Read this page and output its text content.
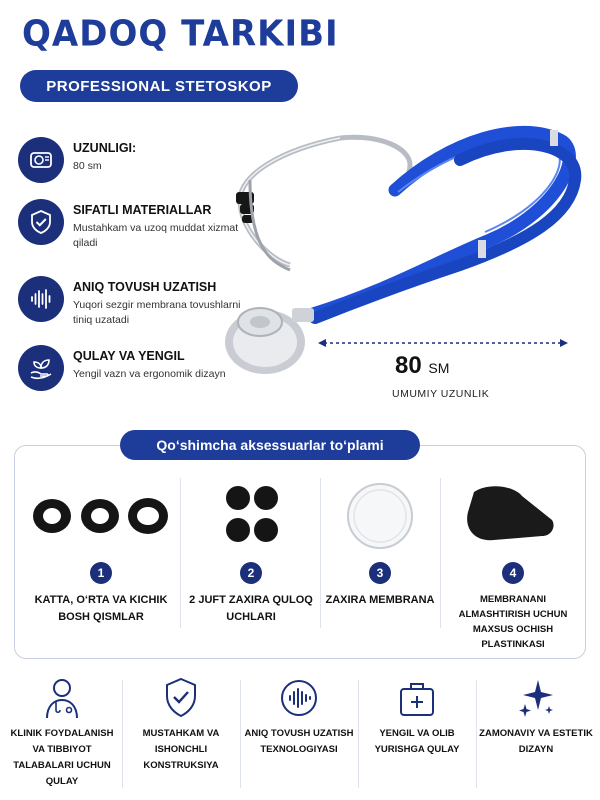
QADOQ TARKIBI
PROFESSIONAL STETOSKOP
UZUNLIGI:
80 sm
SIFATLI MATERIALLAR
Mustahkam va uzoq muddat xizmat qiladi
ANIQ TOVUSH UZATISH
Yuqori sezgir membrana tovushlarni tiniq uzatadi
QULAY VA YENGIL
Yengil vazn va ergonomik dizayn	80 SM
UMUMIY UZUNLIK
Qo‘shimcha aksessuarlar to‘plami
1
KATTA, O‘RTA VA KICHIK BOSH QISMLAR
2
2 JUFT ZAXIRA QULOQ UCHLARI
3
ZAXIRA MEMBRANA
4
MEMBRANANI ALMASHTIRISH UCHUN MAXSUS OCHISH PLASTINKASI
KLINIK FOYDALANISH VA TIBBIYOT TALABALARI UCHUN QULAY
MUSTAHKAM VA ISHONCHLI KONSTRUKSIYA
ANIQ TOVUSH UZATISH TEXNOLOGIYASI
YENGIL VA OLIB YURISHGA QULAY
ZAMONAVIY VA ESTETIK DIZAYN
